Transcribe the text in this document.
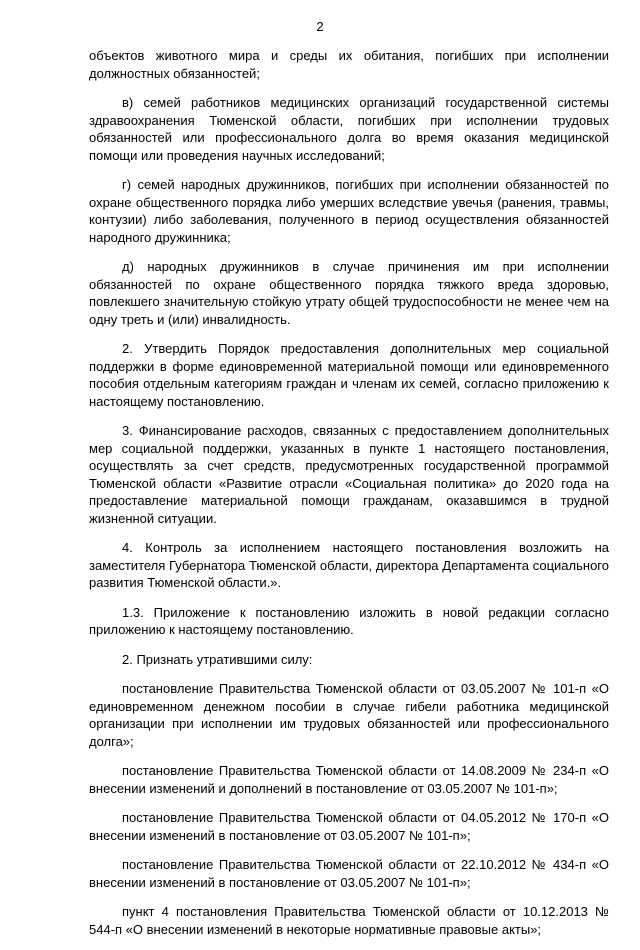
2

объектов животного мира и среды их обитания, погибших при исполнении должностных обязанностей;

в) семей работников медицинских организаций государственной системы здравоохранения Тюменской области, погибших при исполнении трудовых обязанностей или профессионального долга во время оказания медицинской помощи или проведения научных исследований;

г) семей народных дружинников, погибших при исполнении обязанностей по охране общественного порядка либо умерших вследствие увечья (ранения, травмы, контузии) либо заболевания, полученного в период осуществления обязанностей народного дружинника;

д) народных дружинников в случае причинения им при исполнении обязанностей по охране общественного порядка тяжкого вреда здоровью, повлекшего значительную стойкую утрату общей трудоспособности не менее чем на одну треть и (или) инвалидность.

2. Утвердить Порядок предоставления дополнительных мер социальной поддержки в форме единовременной материальной помощи или единовременного пособия отдельным категориям граждан и членам их семей, согласно приложению к настоящему постановлению.

3. Финансирование расходов, связанных с предоставлением дополнительных мер социальной поддержки, указанных в пункте 1 настоящего постановления, осуществлять за счет средств, предусмотренных государственной программой Тюменской области «Развитие отрасли «Социальная политика» до 2020 года на предоставление материальной помощи гражданам, оказавшимся в трудной жизненной ситуации.

4. Контроль за исполнением настоящего постановления возложить на заместителя Губернатора Тюменской области, директора Департамента социального развития Тюменской области.».

1.3. Приложение к постановлению изложить в новой редакции согласно приложению к настоящему постановлению.

2. Признать утратившими силу:

постановление Правительства Тюменской области от 03.05.2007 № 101-п «О единовременном денежном пособии в случае гибели работника медицинской организации при исполнении им трудовых обязанностей или профессионального долга»;

постановление Правительства Тюменской области от 14.08.2009 № 234-п «О внесении изменений и дополнений в постановление от 03.05.2007 № 101-п»;

постановление Правительства Тюменской области от 04.05.2012 № 170-п «О внесении изменений в постановление от 03.05.2007 № 101-п»;

постановление Правительства Тюменской области от 22.10.2012 № 434-п «О внесении изменений в постановление от 03.05.2007 № 101-п»;

пункт 4 постановления Правительства Тюменской области от 10.12.2013 № 544-п «О внесении изменений в некоторые нормативные правовые акты»;
